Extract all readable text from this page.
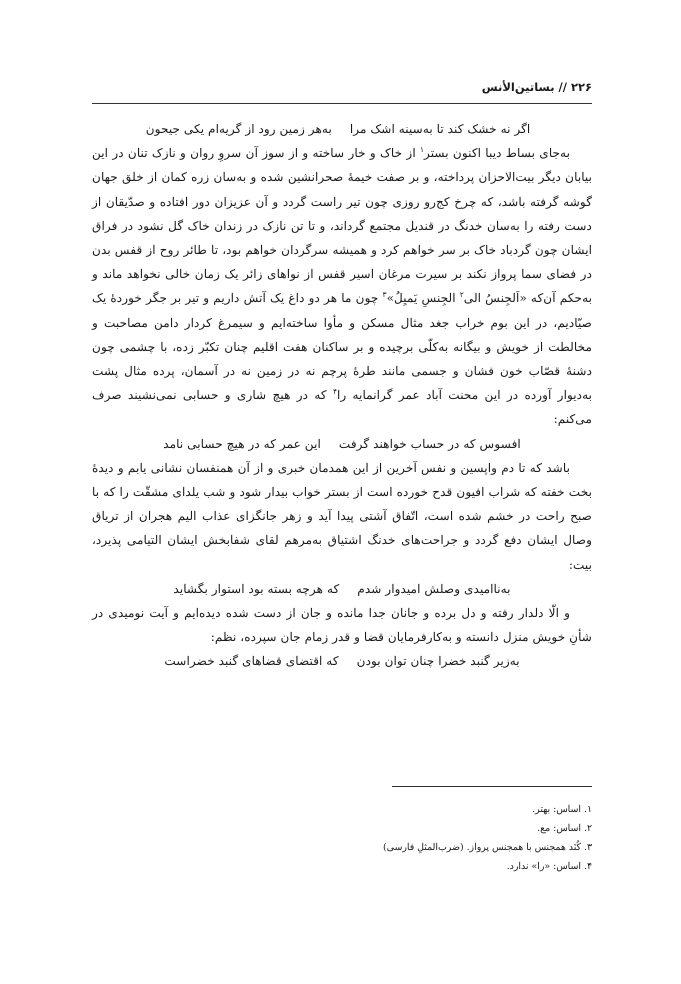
۲۲۶ // بساتین‌الأنس
اگر نه خشک کند تا به‌سینه اشک مرا
به‌هر زمین رود از گریه‌ام یکی جیحون

به‌جای بساط دیبا اکنون بستر$^۱$ از خاک و خار ساخته و از سوز آن سروِ روان و نازک تنان در این بیابان دیگر بیت‌الاحزان پرداخته، و بر صفت خیمهٔ صحرانشین شده و به‌سان زره کمان از خلق جهان گوشه گرفته باشد، که چرخ کج‌رو روزی چون تیر راست گردد و آن عزیزان دور افتاده و صدّیقان از دست رفته را به‌سان خدنگ در قندیل مجتمع گرداند، و تا تن نازک در زندان خاک گل نشود در فراق ایشان چون گردباد خاک بر سر خواهم کرد و همیشه سرگردان خواهم بود، تا طائر روح از قفس بدن در فضای سما پرواز نکند بر سیرت مرغان اسیر قفس از نواهای زائر یک زمان خالی نخواهد ماند و به‌حکم آن‌که «اَلجِنسُ الی$^۲$ الجِنسِ یَمیِلُ»$^۳$ چون ما هر دو داغ یک آتش داریم و تیر بر جگر خوردهٔ یک صیّادیم، در این بوم خراب جغد مثال مسکن و مأوا ساخته‌ایم و سیمرغ کردار دامن مصاحبت و مخالطت از خویش و بیگانه به‌کلّی برچیده و بر ساکنان هفت اقلیم چنان تکبّر زده، با چشمی چون دشنهٔ قصّاب خون فشان و جسمی مانند طرهٔ پرچم نه در زمین نه در آسمان، پرده مثال پشت به‌دیوار آورده در این محنت آباد عمر گرانمایه را$^۴$ که در هیچ شاری و حسابی نمی‌نشیند صرف می‌کنم:

افسوس که در حساب خواهند گرفت
این عمر که در هیچ حسابی نامد

باشد که تا دم واپسین و نفس آخرین از این همدمان خبری و از آن همنفسان نشانی یابم و دیدهٔ بخت خفته که شراب افیون قدح خورده است از بستر خواب بیدار شود و شب یلدای مشقّت را که با صبح راحت در خشم شده است، اتّفاق آشتی پیدا آید و زهر جانگزای عذاب الیم هجران از تریاق وصال ایشان دفع گردد و جراحت‌های خدنگ اشتیاق به‌مرهم لقای شفابخش ایشان التیامی پذیرد، بیت:

به‌ناامیدی وصلش امیدوار شدم
که هرچه بسته بود استوار بگشاید

و الّا دلدار رفته و دل برده و جانان جدا مانده و جان از دست شده دیده‌ایم و آیت نومیدی در شأنِ خویش منزل دانسته و به‌کارفرمایان قضا و قدر زمام جان سپرده، نظم:

به‌زیر گنبد خضرا چنان توان بودن
که اقتضای قضاهای گنبد خضراست
۱. اساس: بهتر.
۲. اساس: مع.
۳. کُنَد همجنس با همجنس پرواز. (ضرب‌المثلِ فارسی)
۴. اساس: «را» ندارد.
